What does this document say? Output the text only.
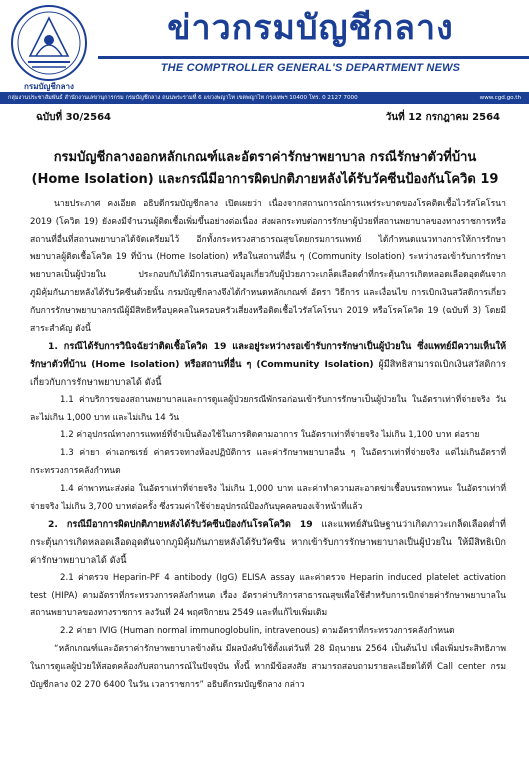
กรมบัญชีกลาง
ข่าวกรมบัญชีกลาง
THE COMPTROLLER GENERAL'S DEPARTMENT NEWS
กลุ่มงานประชาสัมพันธ์ สำนักงานเลขานุการกรม กรมบัญชีกลาง ถนนพระรามที่ 6 แขวงพญาไท เขตพญาไท กรุงเทพฯ 10400 โทร. 0 2127 7000	www.cgd.go.th
ฉบับที่ 30/2564	วันที่ 12 กรกฎาคม 2564
กรมบัญชีกลางออกหลักเกณฑ์และอัตราค่ารักษาพยาบาล กรณีรักษาตัวที่บ้าน
(Home Isolation) และกรณีมีอาการผิดปกติภายหลังได้รับวัคซีนป้องกันโควิด 19

นายประภาศ คงเอียด อธิบดีกรมบัญชีกลาง เปิดเผยว่า เนื่องจากสถานการณ์การแพร่ระบาดของโรคติดเชื้อไวรัสโคโรนา 2019 (โควิด 19) ยังคงมีจำนวนผู้ติดเชื้อเพิ่มขึ้นอย่างต่อเนื่อง ส่งผลกระทบต่อการรักษาผู้ป่วยที่สถานพยาบาลของทางราชการหรือสถานที่อื่นที่สถานพยาบาลได้จัดเตรียมไว้ อีกทั้งกระทรวงสาธารณสุขโดยกรมการแพทย์ ได้กำหนดแนวทางการให้การรักษาพยาบาลผู้ติดเชื้อโควิด 19 ที่บ้าน (Home Isolation) หรือในสถานที่อื่น ๆ (Community Isolation) ระหว่างรอเข้ารับการรักษาพยาบาลเป็นผู้ป่วยใน ประกอบกับได้มีการเสนอข้อมูลเกี่ยวกับผู้ป่วยภาวะเกล็ดเลือดต่ำที่กระตุ้นการเกิดหลอดเลือดอุดตันจากภูมิคุ้มกันภายหลังได้รับวัคซีนด้วยนั้น กรมบัญชีกลางจึงได้กำหนดหลักเกณฑ์ อัตรา วิธีการ และเงื่อนไข การเบิกเงินสวัสดิการเกี่ยวกับการรักษาพยาบาลกรณีผู้มีสิทธิหรือบุคคลในครอบครัวเสี่ยงหรือติดเชื้อไวรัสโคโรนา 2019 หรือโรคโควิด 19 (ฉบับที่ 3) โดยมีสาระสำคัญ ดังนี้

1. กรณีได้รับการวินิจฉัยว่าติดเชื้อโควิด 19 และอยู่ระหว่างรอเข้ารับการรักษาเป็นผู้ป่วยใน ซึ่งแพทย์มีความเห็นให้รักษาตัวที่บ้าน (Home Isolation) หรือสถานที่อื่น ๆ (Community Isolation) ผู้มีสิทธิสามารถเบิกเงินสวัสดิการเกี่ยวกับการรักษาพยาบาลได้ ดังนี้

1.1 ค่าบริการของสถานพยาบาลและการดูแลผู้ป่วยกรณีพักรอก่อนเข้ารับการรักษาเป็นผู้ป่วยใน ในอัตราเท่าที่จ่ายจริง วันละไม่เกิน 1,000 บาท และไม่เกิน 14 วัน

1.2 ค่าอุปกรณ์ทางการแพทย์ที่จำเป็นต้องใช้ในการติดตามอาการ ในอัตราเท่าที่จ่ายจริง ไม่เกิน 1,100 บาท ต่อราย

1.3 ค่ายา ค่าเอกซเรย์ ค่าตรวจทางห้องปฏิบัติการ และค่ารักษาพยาบาลอื่น ๆ ในอัตราเท่าที่จ่ายจริง แต่ไม่เกินอัตราที่กระทรวงการคลังกำหนด

1.4 ค่าพาหนะส่งต่อ ในอัตราเท่าที่จ่ายจริง ไม่เกิน 1,000 บาท และค่าทำความสะอาดฆ่าเชื้อบนรถพาหนะ ในอัตราเท่าที่จ่ายจริง ไม่เกิน 3,700 บาทต่อครั้ง ซึ่งรวมค่าใช้จ่ายอุปกรณ์ป้องกันบุคคลของเจ้าหน้าที่แล้ว

2. กรณีมีอาการผิดปกติภายหลังได้รับวัคซีนป้องกันโรคโควิด 19 และแพทย์สันนิษฐานว่าเกิดภาวะเกล็ดเลือดต่ำที่กระตุ้นการเกิดหลอดเลือดอุดตันจากภูมิคุ้มกันภายหลังได้รับวัคซีน หากเข้ารับการรักษาพยาบาลเป็นผู้ป่วยใน ให้มีสิทธิเบิกค่ารักษาพยาบาลได้ ดังนี้

2.1 ค่าตรวจ Heparin-PF 4 antibody (IgG) ELISA assay และค่าตรวจ Heparin induced platelet activation test (HIPA) ตามอัตราที่กระทรวงการคลังกำหนด เรื่อง อัตราค่าบริการสาธารณสุขเพื่อใช้สำหรับการเบิกจ่ายค่ารักษาพยาบาลในสถานพยาบาลของทางราชการ ลงวันที่ 24 พฤศจิกายน 2549 และที่แก้ไขเพิ่มเติม

2.2 ค่ายา IVIG (Human normal immunoglobulin, intravenous) ตามอัตราที่กระทรวงการคลังกำหนด

“หลักเกณฑ์และอัตราค่ารักษาพยาบาลข้างต้น มีผลบังคับใช้ตั้งแต่วันที่ 28 มิถุนายน 2564 เป็นต้นไป เพื่อเพิ่มประสิทธิภาพในการดูแลผู้ป่วยให้สอดคล้องกับสถานการณ์ในปัจจุบัน ทั้งนี้ หากมีข้อสงสัย สามารถสอบถามรายละเอียดได้ที่ Call center กรมบัญชีกลาง 02 270 6400 ในวัน เวลาราชการ” อธิบดีกรมบัญชีกลาง กล่าว
